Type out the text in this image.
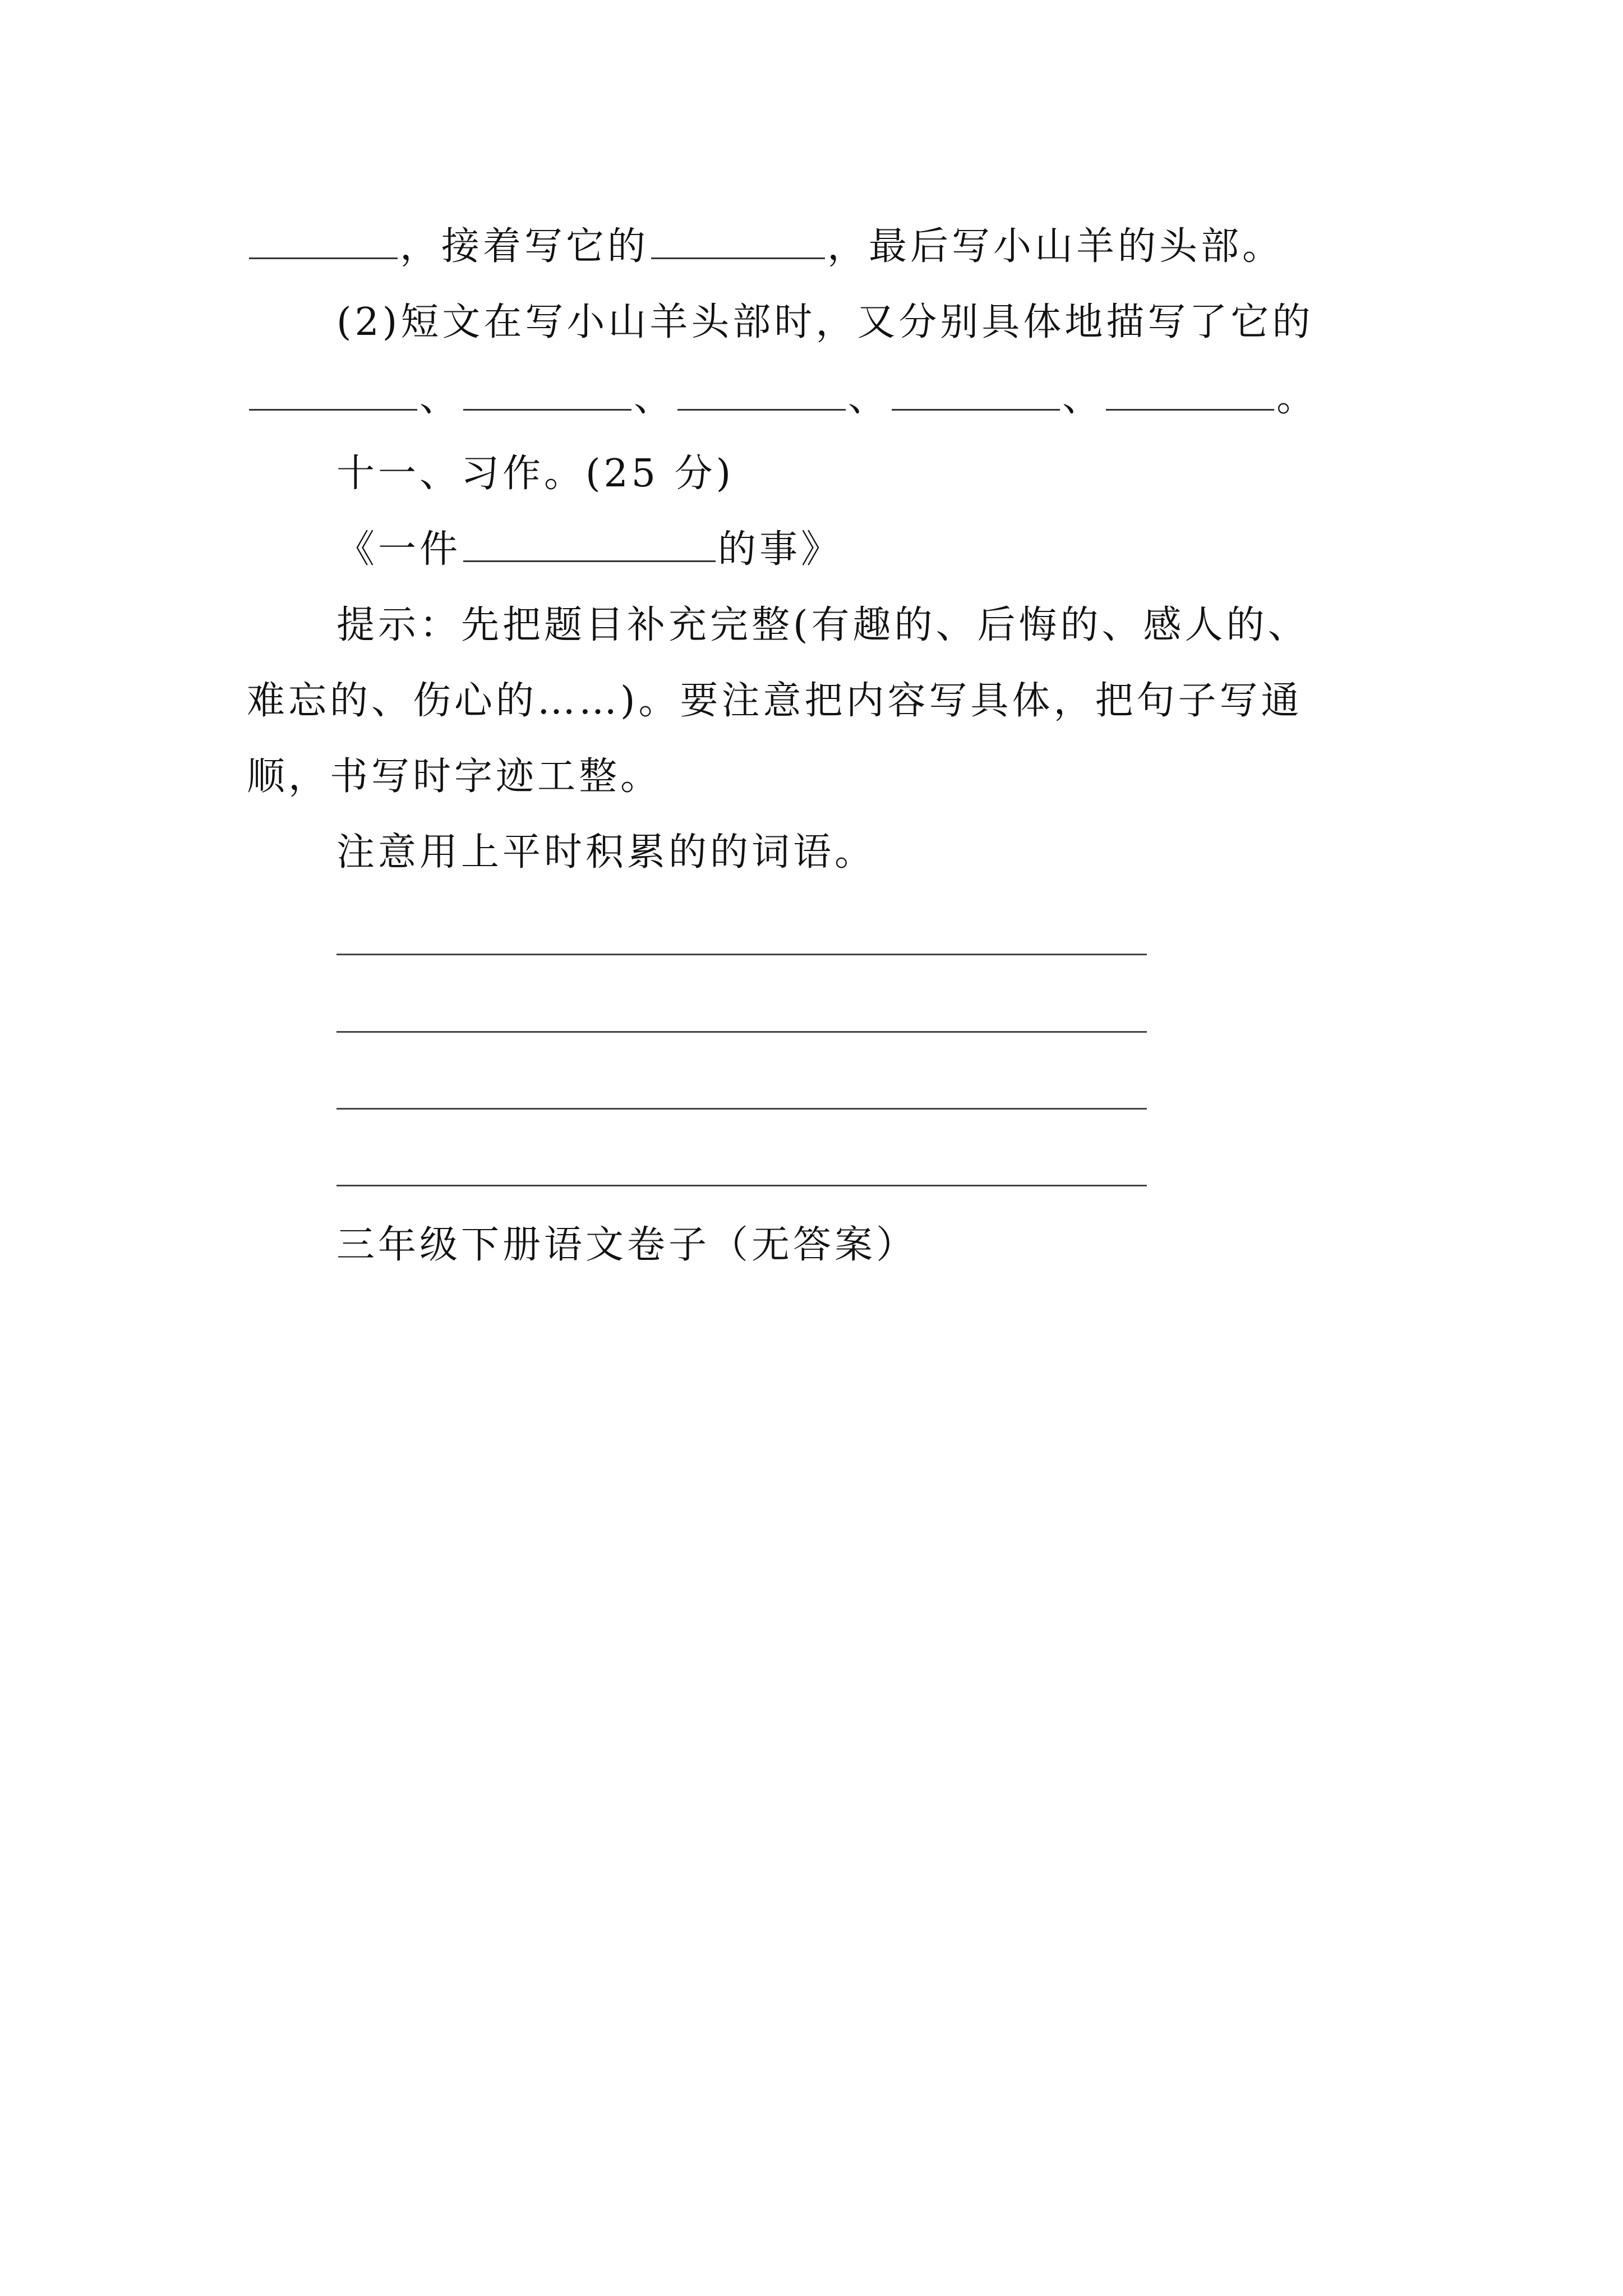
，接着写它的	，最后写小山羊的头部。
(2)短文在写小山羊头部时，又分别具体地描写了它的
、	、	、	、	。
十一、习作。(25 分)
《一件	的事》
提示：先把题目补充完整(有趣的、后悔的、感人的、
难忘的、伤心的……)。要注意把内容写具体，把句子写通
顺，书写时字迹工整。
注意用上平时积累的的词语。
三年级下册语文卷子（无答案）
